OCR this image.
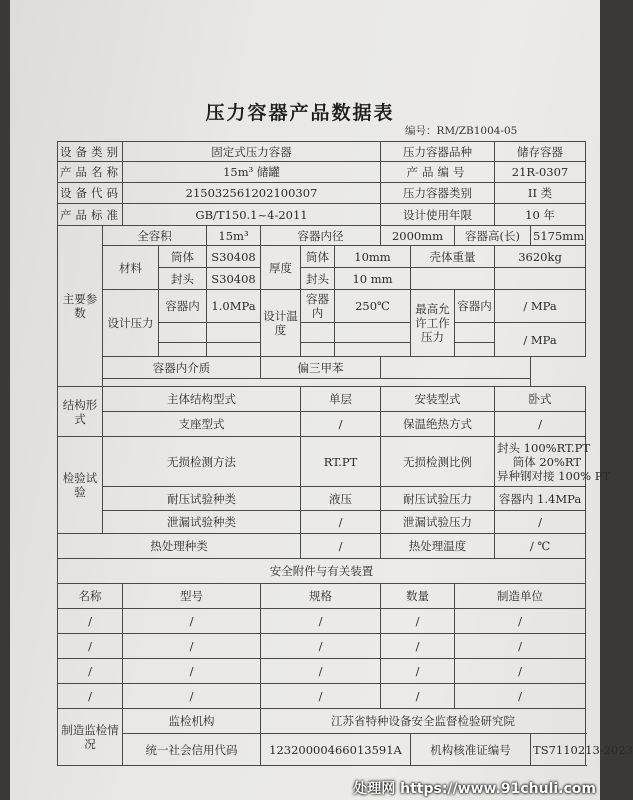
压力容器产品数据表
编号：RM/ZB1004-05
设备类别		固定式压力容器						压力容器品种			储存容器	
产品名称		15m³ 储罐						产品编号			21R-0307	
设备代码		215032561202100307						压力容器类别			II 类	
产品标准		GB/T150.1~4-2011						设计使用年限			10 年	
主要参数	全容积			15m³	容器内径			2000mm		容器高(长)		5175mm
	材料		筒体	S30408	厚度	筒体	10mm		壳体重量		3620kg	
			封头	S30408		封头	10 mm					
	设计压力		容器内	1.0MPa	设计温度	容器内	250℃		最高允许工作压力	容器内	/ MPa	
											/ MPa	

	容器内介质				偏三甲苯							

结构形式	主体结构型式					单层		安装型式			卧式	
	支座型式					/		保温绝热方式			/	
检验试验	无损检测方法					RT.PT		无损检测比例			封头 100%RT.PT
筒体 20%RT
异种钢对接 100% PT	

	耐压试验种类					液压		耐压试验压力			容器内 1.4MPa	
	泄漏试验种类					/		泄漏试验压力			/	
热处理种类						/		热处理温度			/ ℃	
安全附件与有关装置												
名称		型号			规格			数量		制造单位		
/		/			/			/		/		
/		/			/			/		/		
/		/			/			/		/		
/		/			/			/		/		
制造监检情况		监检机构			江苏省特种设备安全监督检验研究院							
		统一社会信用代码			12320000466013591A				机构核准证编号			TS7110213-2023
处理网 https://www.91chuli.com
